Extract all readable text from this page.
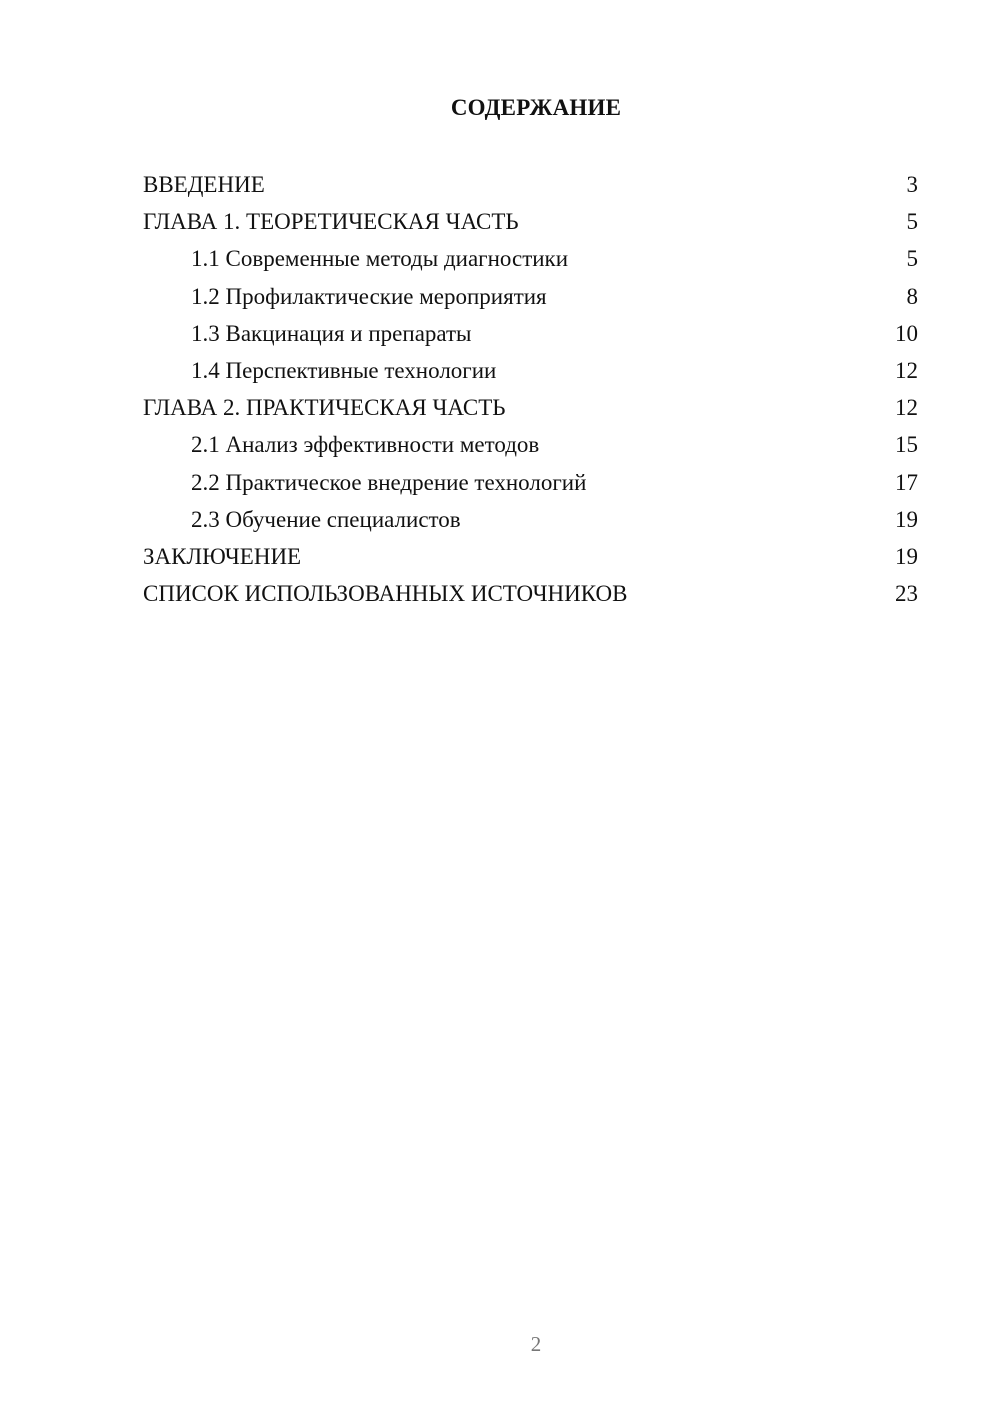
СОДЕРЖАНИЕ
ВВЕДЕНИЕ	3
ГЛАВА 1. ТЕОРЕТИЧЕСКАЯ ЧАСТЬ	5
1.1 Современные методы диагностики	5
1.2 Профилактические мероприятия	8
1.3 Вакцинация и препараты	10
1.4 Перспективные технологии	12
ГЛАВА 2. ПРАКТИЧЕСКАЯ ЧАСТЬ	12
2.1 Анализ эффективности методов	15
2.2 Практическое внедрение технологий	17
2.3 Обучение специалистов	19
ЗАКЛЮЧЕНИЕ	19
СПИСОК ИСПОЛЬЗОВАННЫХ ИСТОЧНИКОВ	23
2
